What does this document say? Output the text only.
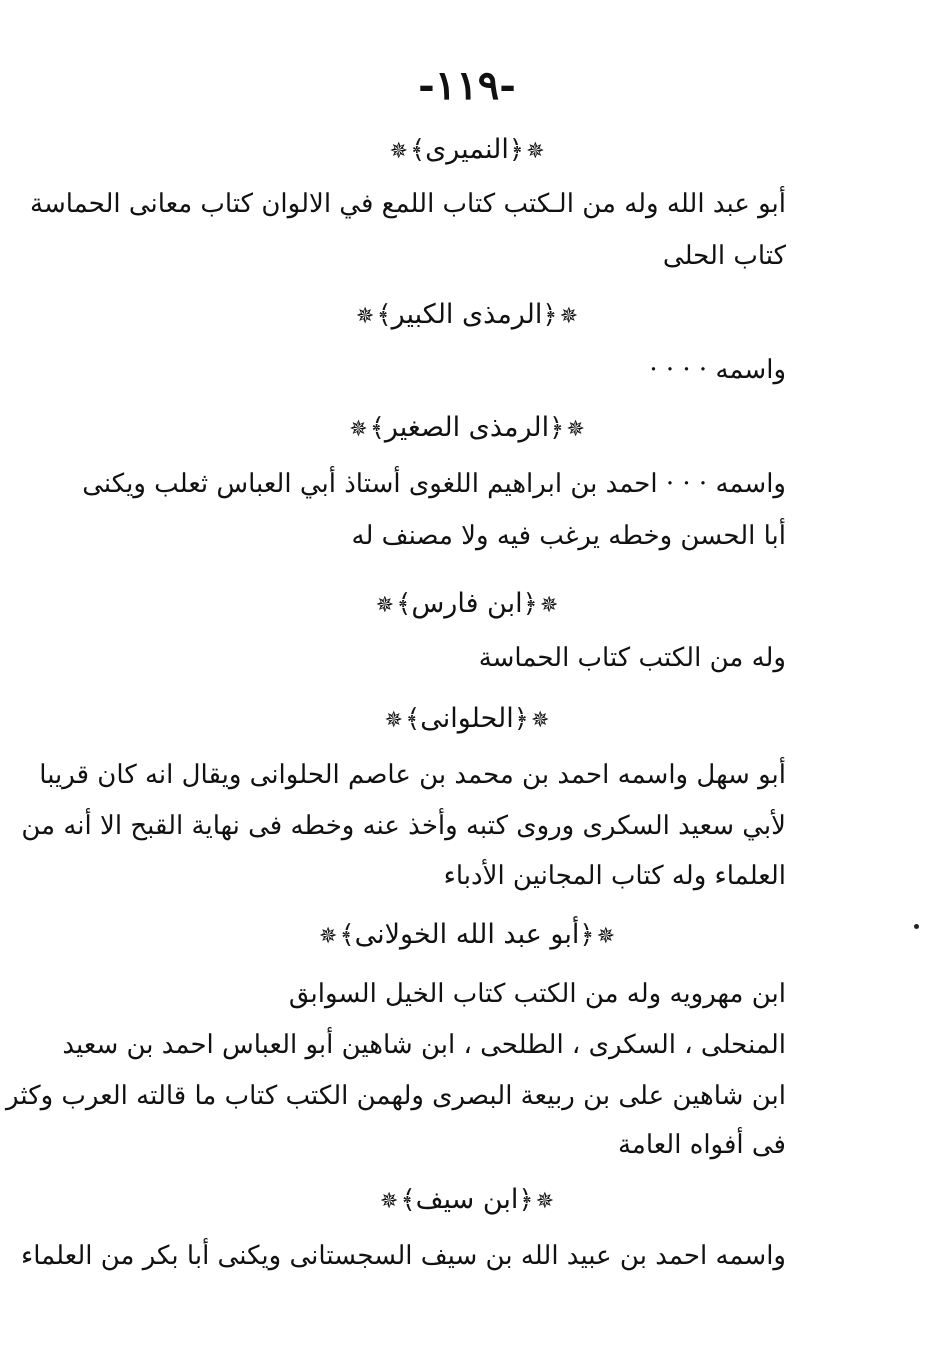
-١١٩-
✵﴿النميرى﴾✵
أبو عبد الله وله من الـكتب كتاب اللمع في الالوان كتاب معانى الحماسة
كتاب الحلى
✵﴿الرمذى الكبير﴾✵
واسمه · · · ·
✵﴿الرمذى الصغير﴾✵
واسمه · · · احمد بن ابراهيم اللغوى أستاذ أبي العباس ثعلب ويكنى
أبا الحسن وخطه يرغب فيه ولا مصنف له
✵﴿ابن فارس﴾✵
وله من الكتب كتاب الحماسة
✵﴿الحلوانى﴾✵
أبو سهل واسمه احمد بن محمد بن عاصم الحلوانى ويقال انه كان قريبا
لأبي سعيد السكرى وروى كتبه وأخذ عنه وخطه فى نهاية القبح الا أنه من
العلماء وله كتاب المجانين الأدباء
✵﴿أبو عبد الله الخولانى﴾✵
ابن مهرويه وله من الكتب كتاب الخيل السوابق
المنحلى ، السكرى ، الطلحى ، ابن شاهين أبو العباس احمد بن سعيد
ابن شاهين على بن ربيعة البصرى ولهمن الكتب كتاب ما قالته العرب وكثر
فى أفواه العامة
✵﴿ابن سيف﴾✵
واسمه احمد بن عبيد الله بن سيف السجستانى ويكنى أبا بكر من العلماء
